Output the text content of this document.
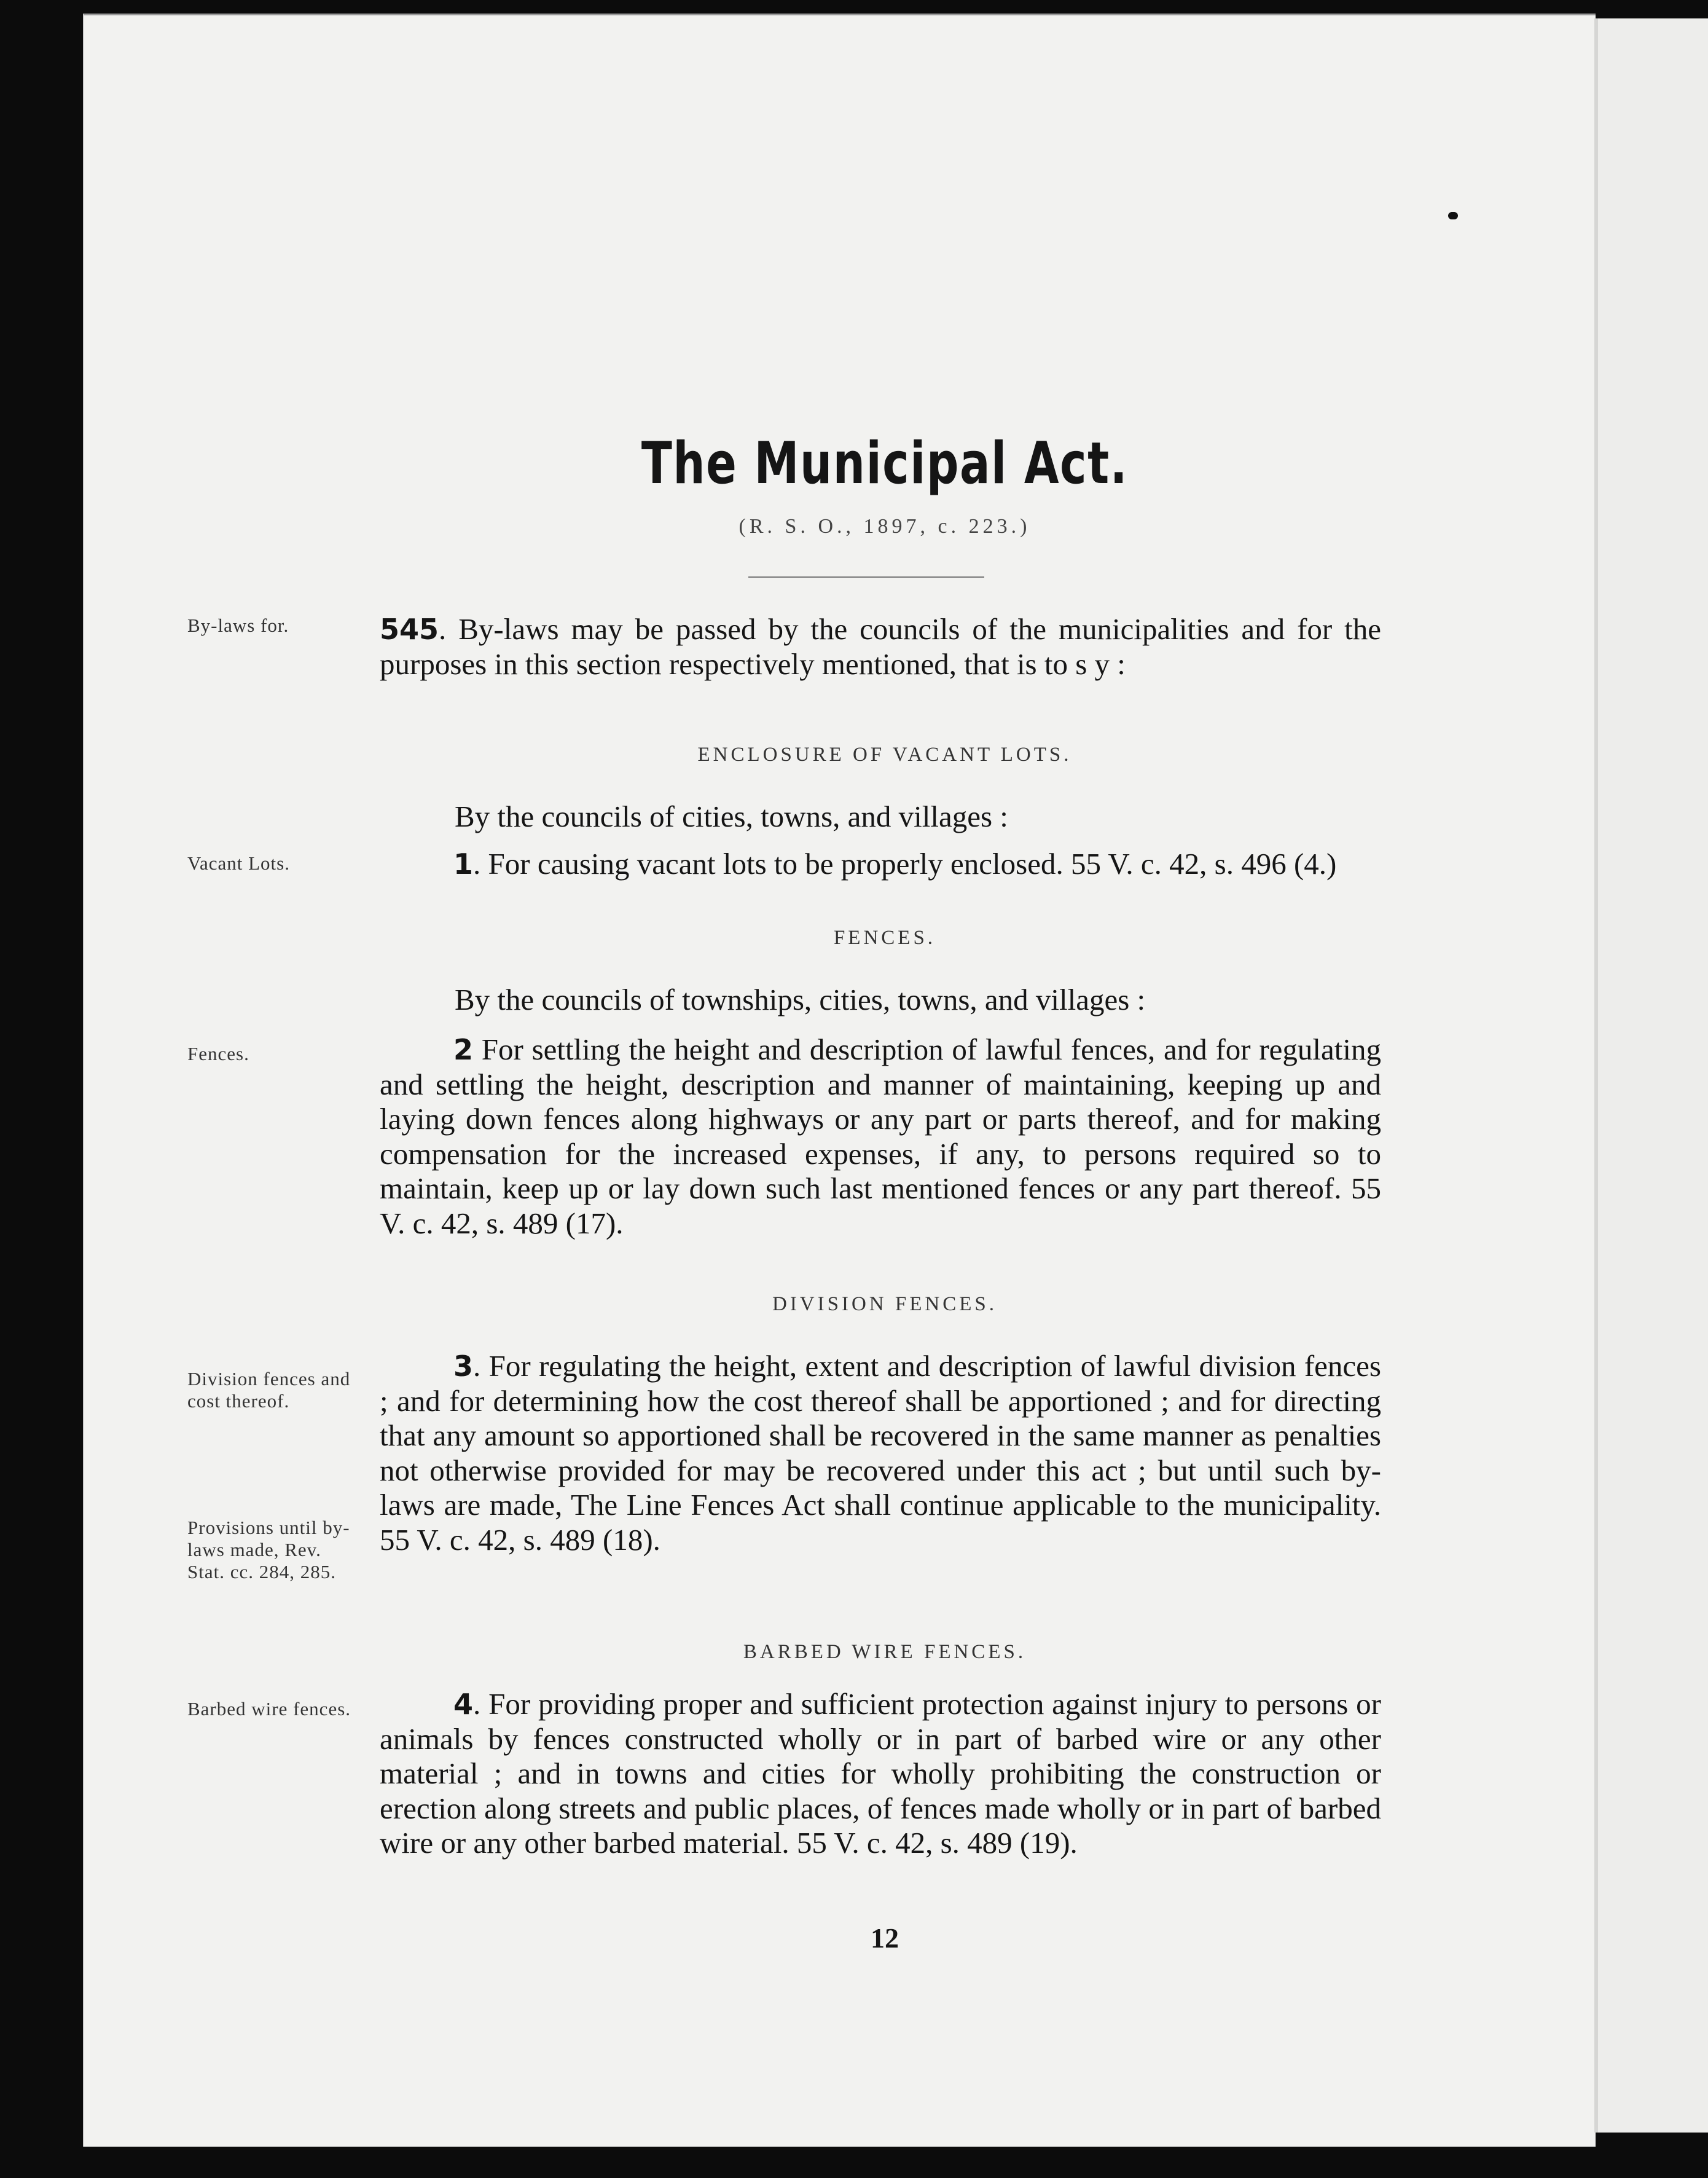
The Municipal Act.
(R. S. O., 1897, c. 223.)
By-laws for.	545. By-laws may be passed by the councils of the municipalities and for the purposes in this section respectively mentioned, that is to s y :
ENCLOSURE OF VACANT LOTS.
By the councils of cities, towns, and villages :
Vacant Lots.	1. For causing vacant lots to be properly enclosed. 55 V. c. 42, s. 496 (4.)
FENCES.
By the councils of townships, cities, towns, and villages :
Fences.	2 For settling the height and description of lawful fences, and for regulating and settling the height, description and manner of maintaining, keeping up and laying down fences along highways or any part or parts thereof, and for making compensation for the increased expenses, if any, to persons required so to maintain, keep up or lay down such last mentioned fences or any part thereof. 55 V. c. 42, s. 489 (17).
DIVISION FENCES.
Division fences and cost thereof.
3. For regulating the height, extent and description of lawful division fences ; and for determining how the cost thereof shall be apportioned ; and for directing that any amount so apportioned shall be recovered in the same manner as penalties not otherwise provided for may be recovered under this act ; but until such by-laws are made, The Line Fences Act shall continue applicable to the municipality. 55 V. c. 42, s. 489 (18).
Provisions until by-laws made, Rev. Stat. cc. 284, 285.
BARBED WIRE FENCES.
Barbed wire fences.	4. For providing proper and sufficient protection against injury to persons or animals by fences constructed wholly or in part of barbed wire or any other material ; and in towns and cities for wholly prohibiting the construction or erection along streets and public places, of fences made wholly or in part of barbed wire or any other barbed material. 55 V. c. 42, s. 489 (19).
12
